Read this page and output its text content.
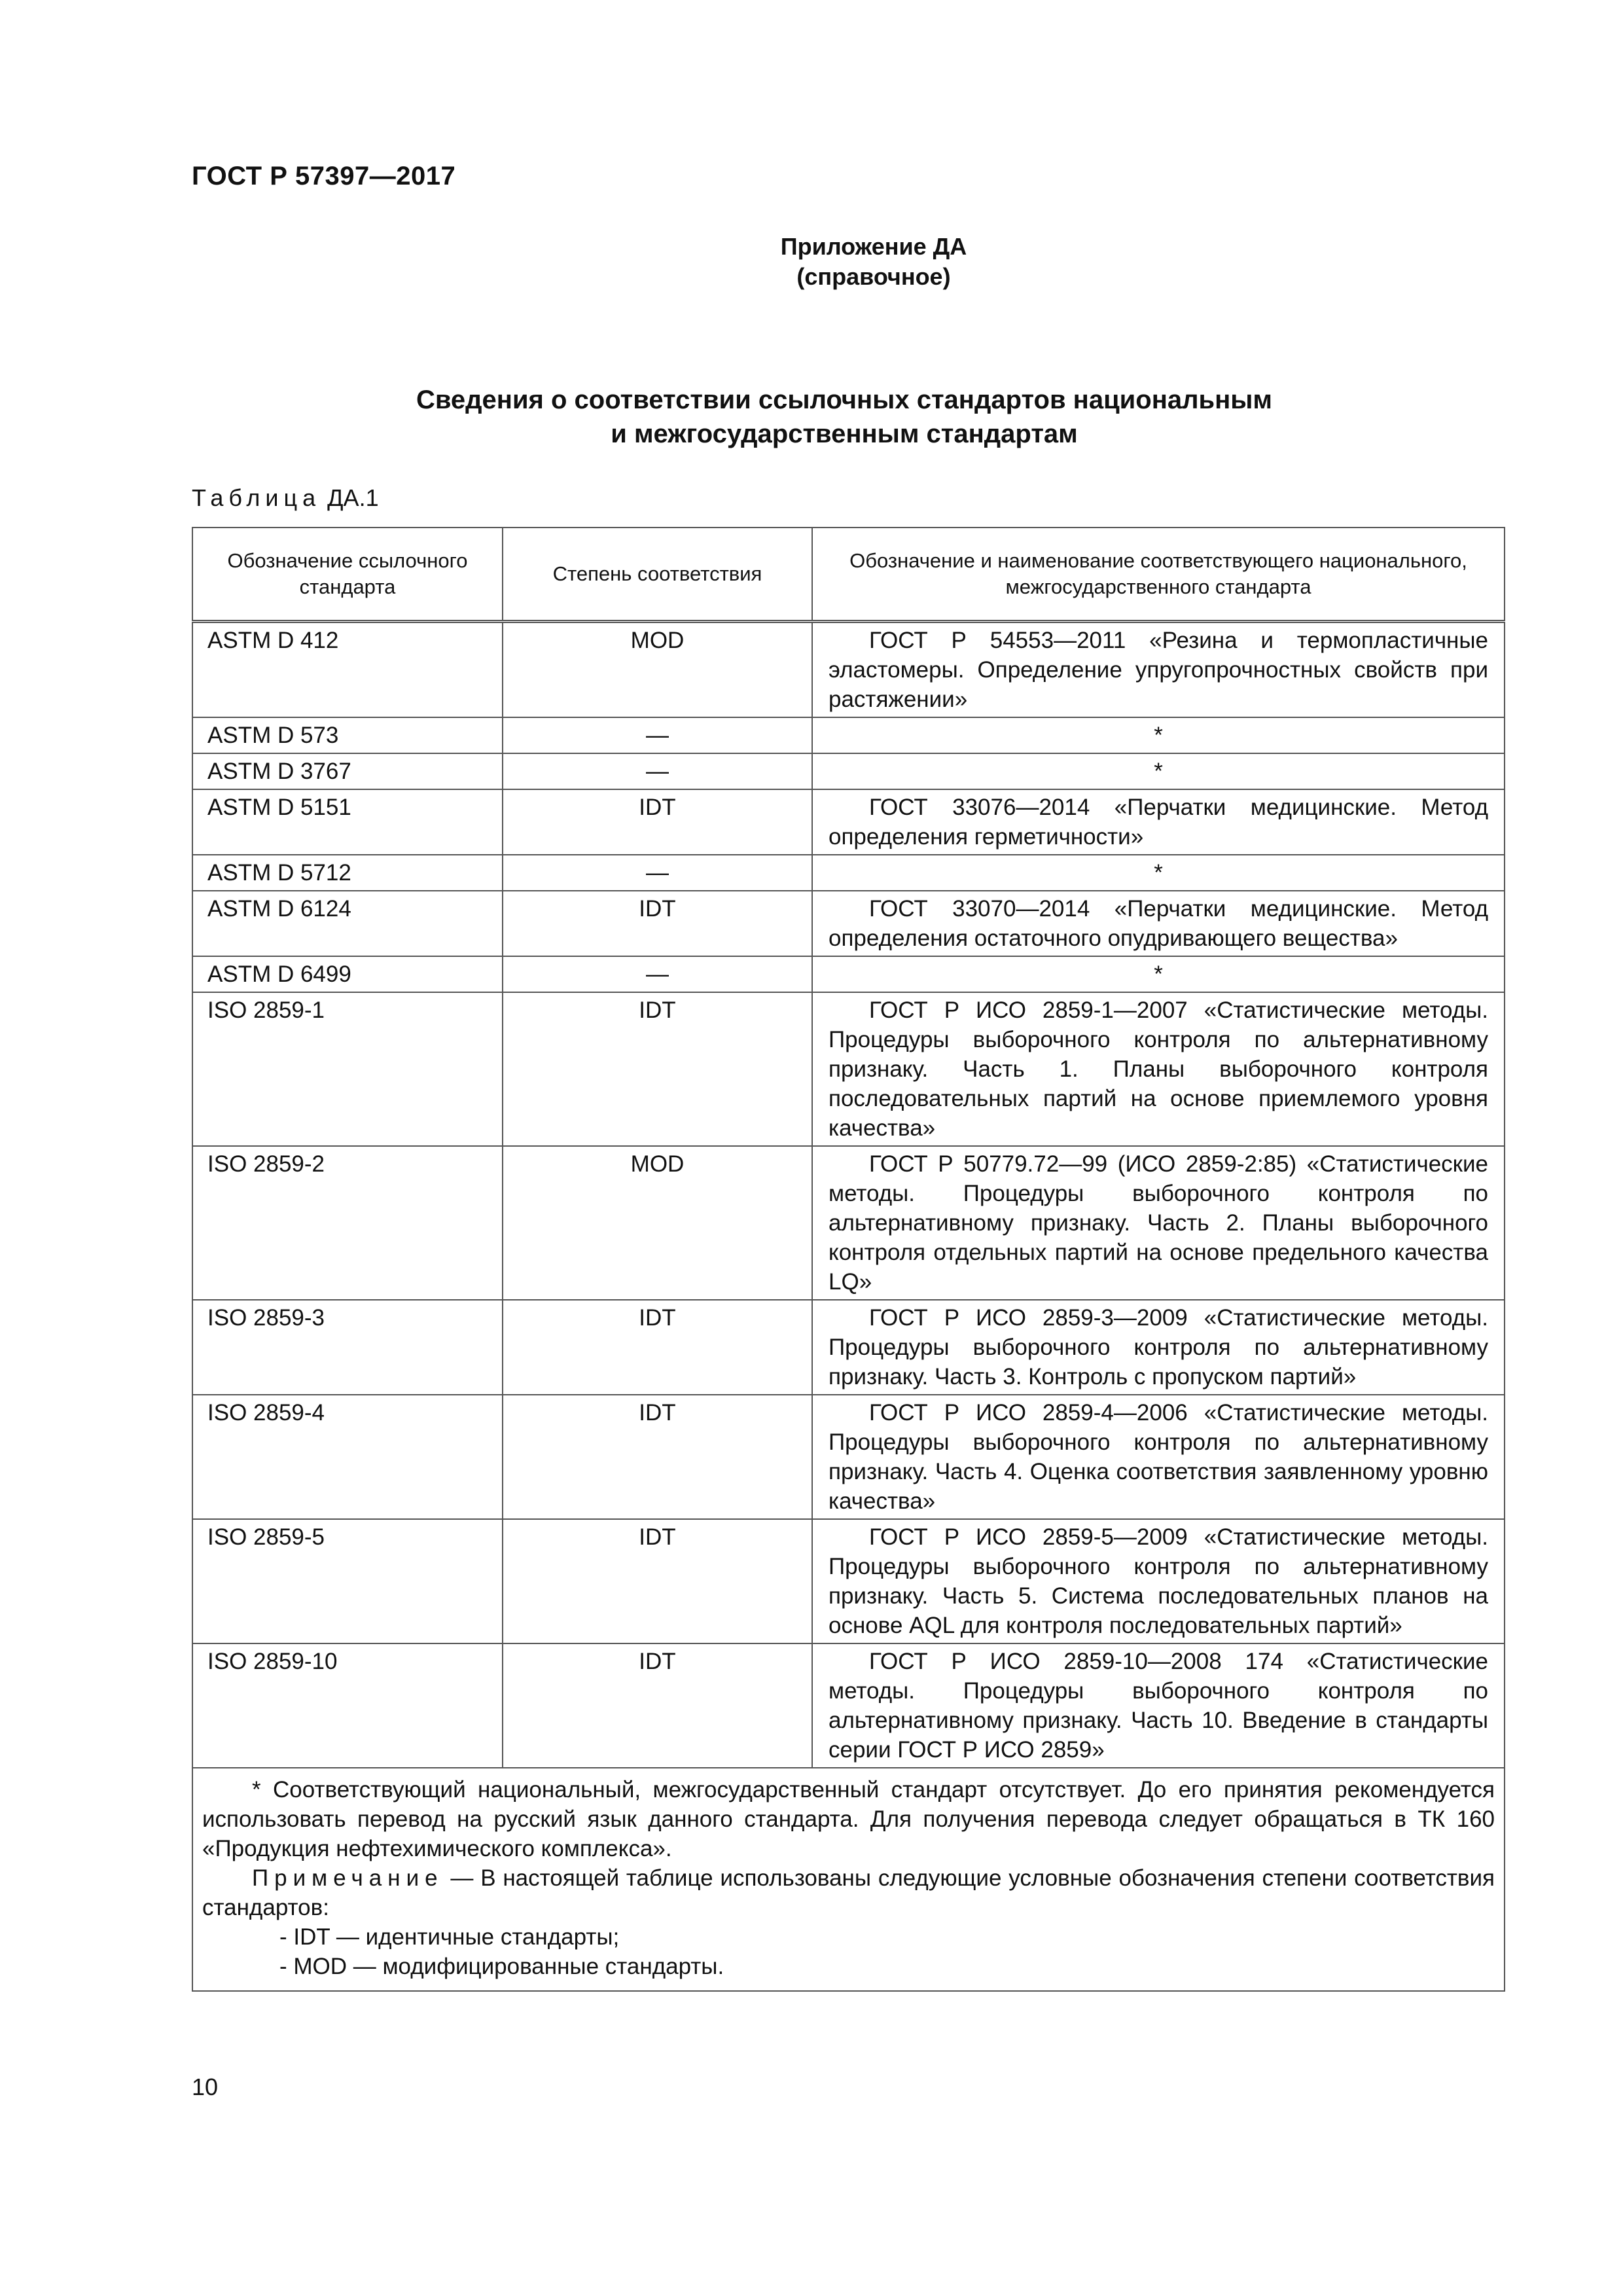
ГОСТ Р 57397—2017
Приложение ДА
(справочное)
Сведения о соответствии ссылочных стандартов национальным
и межгосударственным стандартам
Таблица ДА.1
Обозначение ссылочного стандарта	Степень соответствия	Обозначение и наименование соответствующего национального, межгосударственного стандарта
ASTM D 412	MOD	ГОСТ Р 54553—2011 «Резина и термопластичные эластомеры. Определение упругопрочностных свойств при растяжении»

ASTM D 573	—	*
ASTM D 3767	—	*
ASTM D 5151	IDT	ГОСТ 33076—2014 «Перчатки медицинские. Метод определения герметичности»

ASTM D 5712	—	*
ASTM D 6124	IDT	ГОСТ 33070—2014 «Перчатки медицинские. Метод определения остаточного опудривающего вещества»

ASTM D 6499	—	*
ISO 2859-1	IDT	ГОСТ Р ИСО 2859-1—2007 «Статистические методы. Процедуры выборочного контроля по альтернативному признаку. Часть 1. Планы выборочного контроля последовательных партий на основе приемлемого уровня качества»

ISO 2859-2	MOD	ГОСТ Р 50779.72—99 (ИСО 2859-2:85) «Статистические методы. Процедуры выборочного контроля по альтернативному признаку. Часть 2. Планы выборочного контроля отдельных партий на основе предельного качества LQ»

ISO 2859-3	IDT	ГОСТ Р ИСО 2859-3—2009 «Статистические методы. Процедуры выборочного контроля по альтернативному признаку. Часть 3. Контроль с пропуском партий»

ISO 2859-4	IDT	ГОСТ Р ИСО 2859-4—2006 «Статистические методы. Процедуры выборочного контроля по альтернативному признаку. Часть 4. Оценка соответствия заявленному уровню качества»

ISO 2859-5	IDT	ГОСТ Р ИСО 2859-5—2009 «Статистические методы. Процедуры выборочного контроля по альтернативному признаку. Часть 5. Система последовательных планов на основе AQL для контроля последовательных партий»

ISO 2859-10	IDT	ГОСТ Р ИСО 2859-10—2008 174 «Статистические методы. Процедуры выборочного контроля по альтернативному признаку. Часть 10. Введение в стандарты серии ГОСТ Р ИСО 2859»

* Соответствующий национальный, межгосударственный стандарт отсутствует. До его принятия рекомендуется использовать перевод на русский язык данного стандарта. Для получения перевода следует обращаться в ТК 160 «Продукция нефтехимического комплекса».

Примечание — В настоящей таблице использованы следующие условные обозначения степени соответствия стандартов:

- IDT — идентичные стандарты;

- MOD — модифицированные стандарты.		

10
